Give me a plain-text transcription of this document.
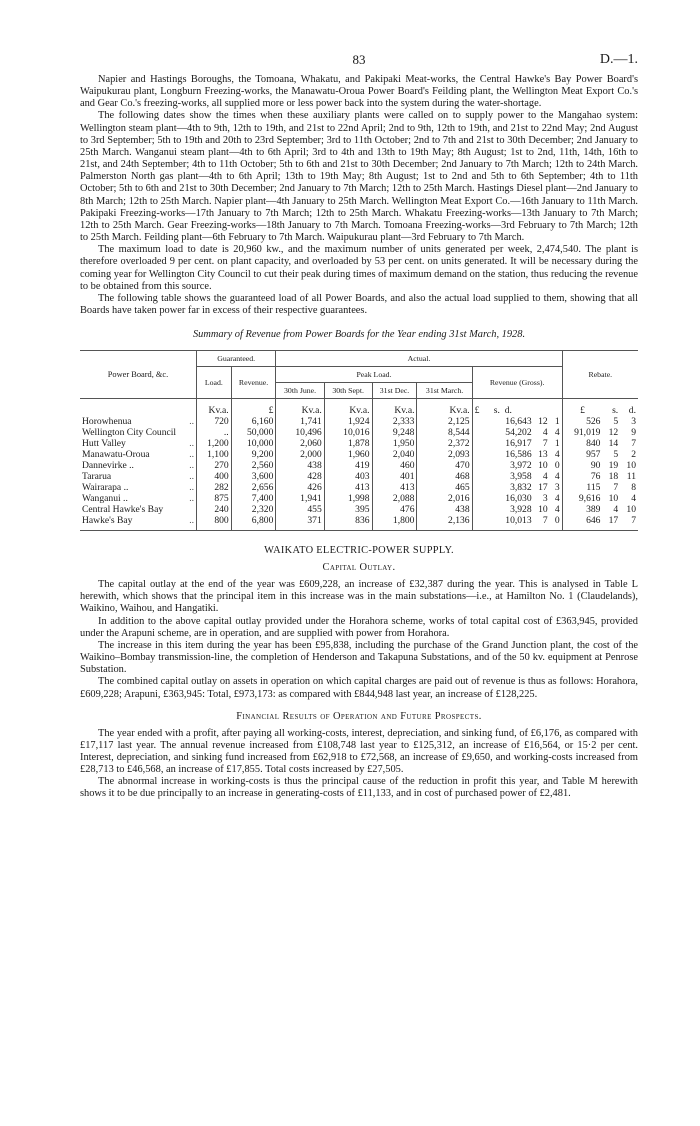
83	D.—1.

Napier and Hastings Boroughs, the Tomoana, Whakatu, and Pakipaki Meat-works, the Central Hawke's Bay Power Board's Waipukurau plant, Longburn Freezing-works, the Manawatu-Oroua Power Board's Feilding plant, the Wellington Meat Export Co.'s and Gear Co.'s freezing-works, all supplied more or less power back into the system during the water-shortage.

The following dates show the times when these auxiliary plants were called on to supply power to the Mangahao system: Wellington steam plant—4th to 9th, 12th to 19th, and 21st to 22nd April; 2nd to 9th, 12th to 19th, and 21st to 22nd May; 2nd August to 3rd September; 5th to 19th and 20th to 23rd September; 3rd to 11th October; 2nd to 7th and 21st to 30th December; 2nd January to 25th March. Wanganui steam plant—4th to 6th April; 3rd to 4th and 13th to 19th May; 8th August; 1st to 2nd, 11th, 14th, 16th to 21st, and 24th September; 4th to 11th October; 5th to 6th and 21st to 30th December; 2nd January to 7th March; 12th to 24th March. Palmerston North gas plant—4th to 6th April; 13th to 19th May; 8th August; 1st to 2nd and 5th to 6th September; 4th to 11th October; 5th to 6th and 21st to 30th December; 2nd January to 7th March; 12th to 25th March. Hastings Diesel plant—2nd January to 8th March; 12th to 25th March. Napier plant—4th January to 25th March. Wellington Meat Export Co.—16th January to 11th March. Pakipaki Freezing-works—17th January to 7th March; 12th to 25th March. Whakatu Freezing-works—13th January to 7th March; 12th to 25th March. Gear Freezing-works—18th January to 7th March. Tomoana Freezing-works—3rd February to 7th March; 12th to 25th March. Feilding plant—6th February to 7th March. Waipukurau plant—3rd February to 7th March.

The maximum load to date is 20,960 kw., and the maximum number of units generated per week, 2,474,540. The plant is therefore overloaded 9 per cent. on plant capacity, and overloaded by 53 per cent. on units generated. It will be necessary during the coming year for Wellington City Council to cut their peak during times of maximum demand on the station, thus reducing the revenue to be obtained from this source.

The following table shows the guaranteed load of all Power Boards, and also the actual load supplied to them, showing that all Boards have taken power far in excess of their respective guarantees.

Summary of Revenue from Power Boards for the Year ending 31st March, 1928.

Power Board, &c.	Guaranteed.		Actual.					Rebate.		
	Load.	Revenue.	Peak Load.				Revenue (Gross).			
			30th June.	30th Sept.	31st Dec.	31st March.				
	Kv.a.	£	Kv.a.	Kv.a.	Kv.a.	Kv.a.	£ s. d.	£	s.	d.
Horowhenua ..	720	6,160	1,741	1,924	2,333	2,125	16,643 12 1	526	5	3
Wellington City Council	..	50,000	10,496	10,016	9,248	8,544	54,202 4 4	91,019	12	9
Hutt Valley ..	1,200	10,000	2,060	1,878	1,950	2,372	16,917 7 1	840	14	7
Manawatu-Oroua ..	1,100	9,200	2,000	1,960	2,040	2,093	16,586 13 4	957	5	2
Dannevirke .. ..	270	2,560	438	419	460	470	3,972 10 0	90	19	10
Tararua ..	400	3,600	428	403	401	468	3,958 4 4	76	18	11
Wairarapa .. ..	282	2,656	426	413	413	465	3,832 17 3	115	7	8
Wanganui .. ..	875	7,400	1,941	1,998	2,088	2,016	16,030 3 4	9,616	10	4
Central Hawke's Bay	240	2,320	455	395	476	438	3,928 10 4	389	4	10
Hawke's Bay ..	800	6,800	371	836	1,800	2,136	10,013 7 0	646	17	7
WAIKATO ELECTRIC-POWER SUPPLY.
Capital Outlay.

The capital outlay at the end of the year was £609,228, an increase of £32,387 during the year. This is analysed in Table L herewith, which shows that the principal item in this increase was in the main substations—i.e., at Hamilton No. 1 (Claudelands), Waikino, Waihou, and Hangatiki.

In addition to the above capital outlay provided under the Horahora scheme, works of total capital cost of £363,945, provided under the Arapuni scheme, are in operation, and are supplied with power from Horahora.

The increase in this item during the year has been £95,838, including the purchase of the Grand Junction plant, the cost of the Waikino–Bombay transmission-line, the completion of Henderson and Takapuna Substations, and of the 50 kv. equipment at Penrose Substation.

The combined capital outlay on assets in operation on which capital charges are paid out of revenue is thus as follows: Horahora, £609,228; Arapuni, £363,945: Total, £973,173: as compared with £844,948 last year, an increase of £128,225.

Financial Results of Operation and Future Prospects.

The year ended with a profit, after paying all working-costs, interest, depreciation, and sinking fund, of £6,176, as compared with £17,117 last year. The annual revenue increased from £108,748 last year to £125,312, an increase of £16,564, or 15·2 per cent. Interest, depreciation, and sinking fund increased from £62,918 to £72,568, an increase of £9,650, and working-costs increased from £28,713 to £46,568, an increase of £17,855. Total costs increased by £27,505.

The abnormal increase in working-costs is thus the principal cause of the reduction in profit this year, and Table M herewith shows it to be due principally to an increase in generating-costs of £11,133, and in cost of purchased power of £2,481.
